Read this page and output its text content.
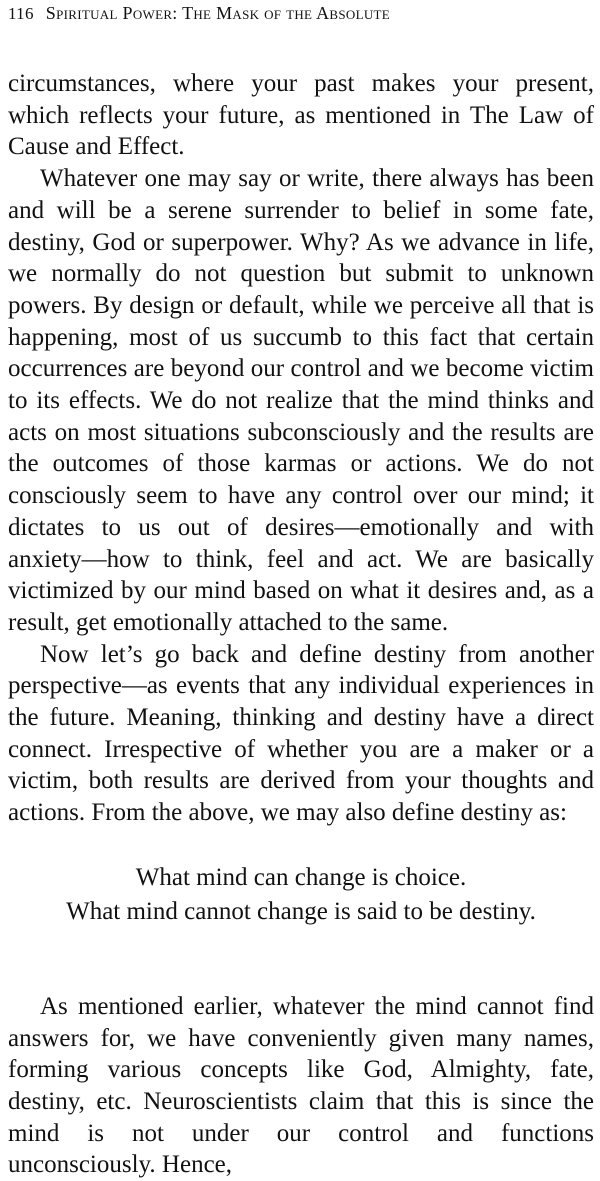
116 Spiritual Power: The Mask of the Absolute

circumstances, where your past makes your present, which reflects your future, as mentioned in The Law of Cause and Effect.

Whatever one may say or write, there always has been and will be a serene surrender to belief in some fate, destiny, God or superpower. Why? As we advance in life, we normally do not question but submit to unknown powers. By design or default, while we perceive all that is happening, most of us succumb to this fact that certain occurrences are beyond our control and we become victim to its effects. We do not realize that the mind thinks and acts on most situations subconsciously and the results are the outcomes of those karmas or actions. We do not consciously seem to have any control over our mind; it dictates to us out of desires—emotionally and with anxiety—how to think, feel and act. We are basically victimized by our mind based on what it desires and, as a result, get emotionally attached to the same.

Now let’s go back and define destiny from another perspective—as events that any individual experiences in the future. Meaning, thinking and destiny have a direct connect. Irrespective of whether you are a maker or a victim, both results are derived from your thoughts and actions. From the above, we may also define destiny as:

What mind can change is choice.
What mind cannot change is said to be destiny.

As mentioned earlier, whatever the mind cannot find answers for, we have conveniently given many names, forming various concepts like God, Almighty, fate, destiny, etc. Neuroscientists claim that this is since the mind is not under our control and functions unconsciously. Hence,
